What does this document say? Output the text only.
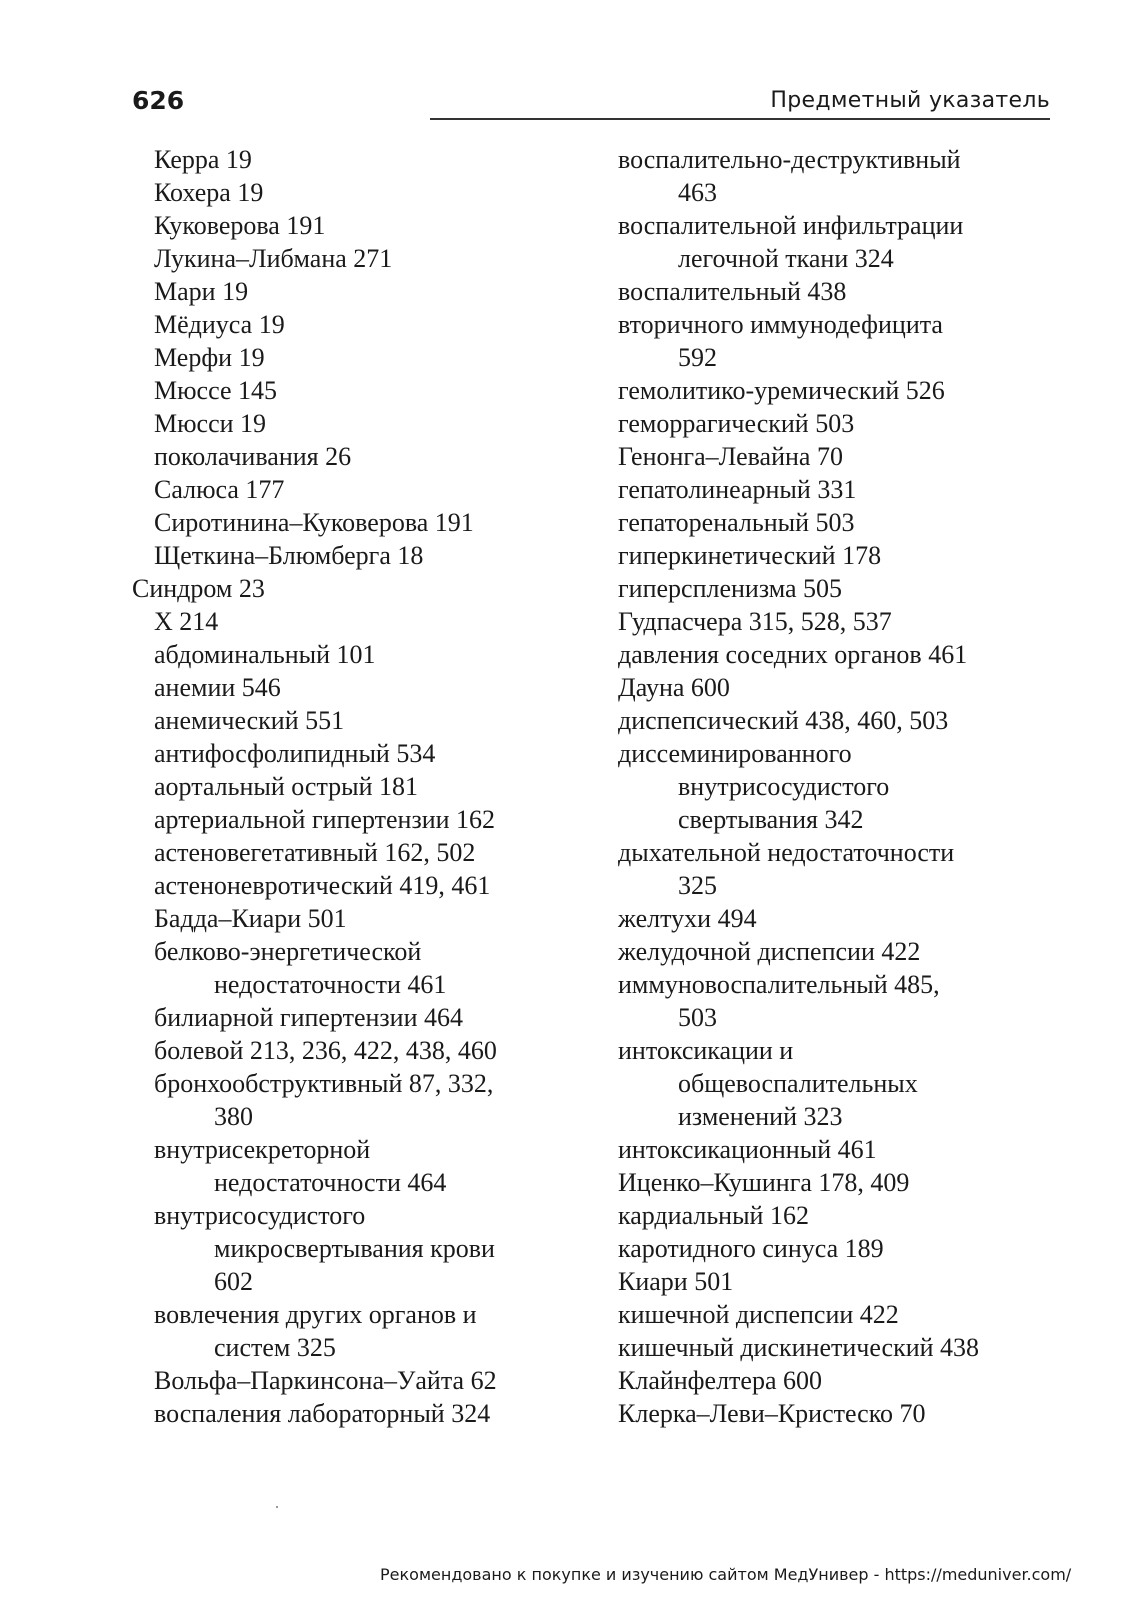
626	Предметный указатель
Керра 19
Кохера 19
Куковерова 191
Лукина–Либмана 271
Мари 19
Мёдиуса 19
Мерфи 19
Мюссе 145
Мюсси 19
поколачивания 26
Салюса 177
Сиротинина–Куковерова 191
Щеткина–Блюмберга 18
Синдром 23
X 214
абдоминальный 101
анемии 546
анемический 551
антифосфолипидный 534
аортальный острый 181
артериальной гипертензии 162
астеновегетативный 162, 502
астеноневротический 419, 461
Бадда–Киари 501
белково-энергетической
недостаточности 461
билиарной гипертензии 464
болевой 213, 236, 422, 438, 460
бронхообструктивный 87, 332,
380
внутрисекреторной
недостаточности 464
внутрисосудистого
микросвертывания крови
602
вовлечения других органов и
систем 325
Вольфа–Паркинсона–Уайта 62
воспаления лабораторный 324
воспалительно-деструктивный
463
воспалительной инфильтрации
легочной ткани 324
воспалительный 438
вторичного иммунодефицита
592
гемолитико-уремический 526
геморрагический 503
Генонга–Левайна 70
гепатолинеарный 331
гепаторенальный 503
гиперкинетический 178
гиперспленизма 505
Гудпасчера 315, 528, 537
давления соседних органов 461
Дауна 600
диспепсический 438, 460, 503
диссеминированного
внутрисосудистого
свертывания 342
дыхательной недостаточности
325
желтухи 494
желудочной диспепсии 422
иммуновоспалительный 485,
503
интоксикации и
общевоспалительных
изменений 323
интоксикационный 461
Иценко–Кушинга 178, 409
кардиальный 162
каротидного синуса 189
Киари 501
кишечной диспепсии 422
кишечный дискинетический 438
Клайнфелтера 600
Клерка–Леви–Кристеско 70
Рекомендовано к покупке и изучению сайтом МедУнивер - https://meduniver.com/
